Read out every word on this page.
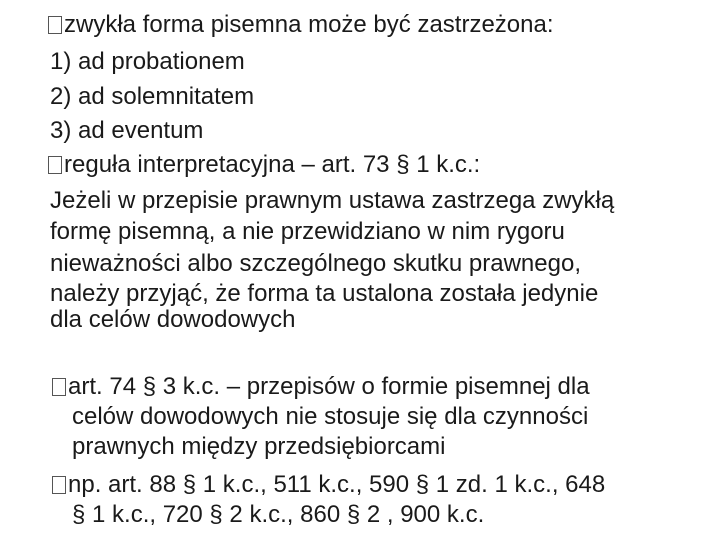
zwykła forma pisemna może być zastrzeżona:
1) ad probationem
2) ad solemnitatem
3) ad eventum
reguła interpretacyjna – art. 73 § 1 k.c.:
Jeżeli w przepisie prawnym ustawa zastrzega zwykłą
formę pisemną, a nie przewidziano w nim rygoru
nieważności albo szczególnego skutku prawnego,
należy przyjąć, że forma ta ustalona została jedynie
dla celów dowodowych
art. 74 § 3 k.c. – przepisów o formie pisemnej dla
celów dowodowych nie stosuje się dla czynności
prawnych między przedsiębiorcami
np. art. 88 § 1 k.c., 511 k.c., 590 § 1 zd. 1 k.c., 648
§ 1 k.c., 720 § 2 k.c., 860 § 2 , 900 k.c.
